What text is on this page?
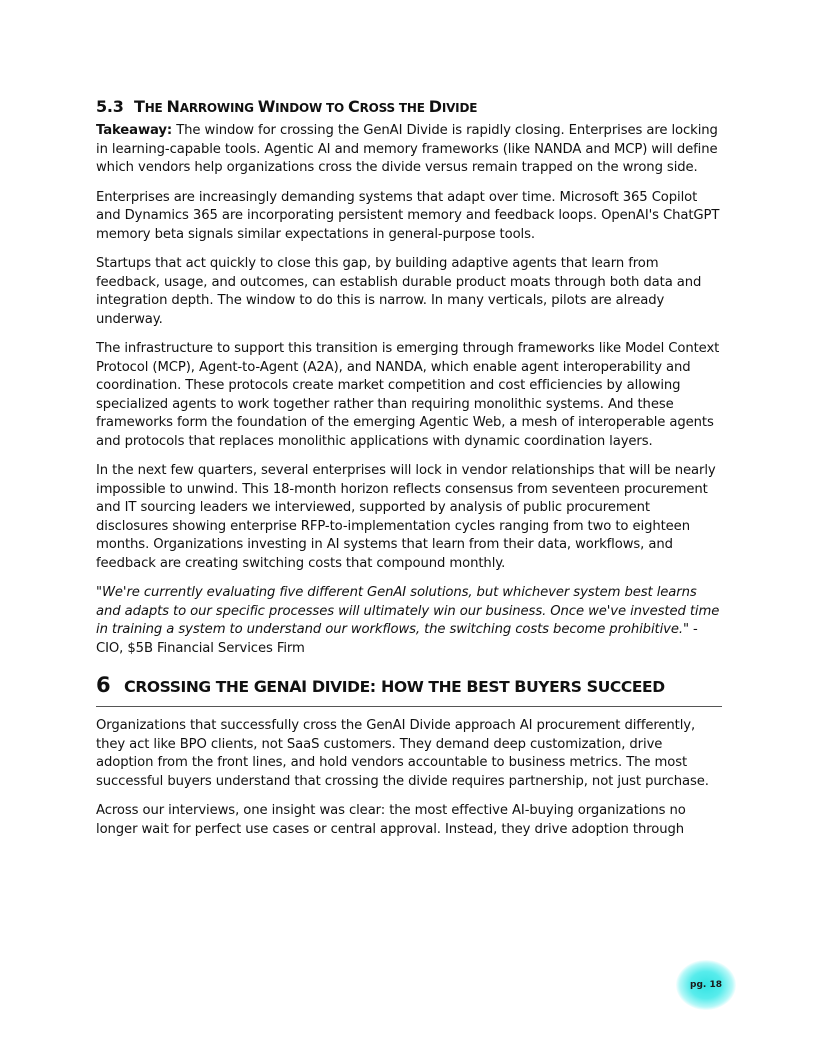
5.3 THE NARROWING WINDOW TO CROSS THE DIVIDE

Takeaway: The window for crossing the GenAI Divide is rapidly closing. Enterprises are locking in learning-capable tools. Agentic AI and memory frameworks (like NANDA and MCP) will define which vendors help organizations cross the divide versus remain trapped on the wrong side.

Enterprises are increasingly demanding systems that adapt over time. Microsoft 365 Copilot and Dynamics 365 are incorporating persistent memory and feedback loops. OpenAI's ChatGPT memory beta signals similar expectations in general-purpose tools.

Startups that act quickly to close this gap, by building adaptive agents that learn from feedback, usage, and outcomes, can establish durable product moats through both data and integration depth. The window to do this is narrow. In many verticals, pilots are already underway.

The infrastructure to support this transition is emerging through frameworks like Model Context Protocol (MCP), Agent-to-Agent (A2A), and NANDA, which enable agent interoperability and coordination. These protocols create market competition and cost efficiencies by allowing specialized agents to work together rather than requiring monolithic systems. And these frameworks form the foundation of the emerging Agentic Web, a mesh of interoperable agents and protocols that replaces monolithic applications with dynamic coordination layers.

In the next few quarters, several enterprises will lock in vendor relationships that will be nearly impossible to unwind. This 18-month horizon reflects consensus from seventeen procurement and IT sourcing leaders we interviewed, supported by analysis of public procurement disclosures showing enterprise RFP-to-implementation cycles ranging from two to eighteen months. Organizations investing in AI systems that learn from their data, workflows, and feedback are creating switching costs that compound monthly.

"We're currently evaluating five different GenAI solutions, but whichever system best learns and adapts to our specific processes will ultimately win our business. Once we've invested time in training a system to understand our workflows, the switching costs become prohibitive." - CIO, $5B Financial Services Firm

6 CROSSING THE GENAI DIVIDE: HOW THE BEST BUYERS SUCCEED

Organizations that successfully cross the GenAI Divide approach AI procurement differently, they act like BPO clients, not SaaS customers. They demand deep customization, drive adoption from the front lines, and hold vendors accountable to business metrics. The most successful buyers understand that crossing the divide requires partnership, not just purchase.

Across our interviews, one insight was clear: the most effective AI-buying organizations no longer wait for perfect use cases or central approval. Instead, they drive adoption through

pg. 18
